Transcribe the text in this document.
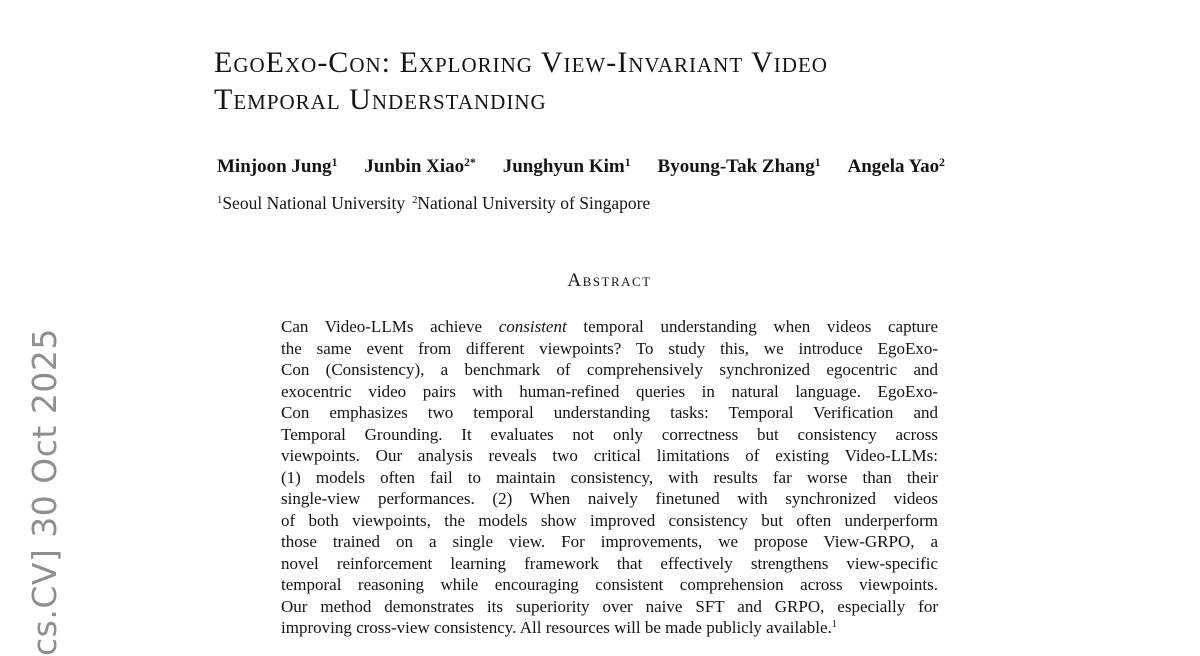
cs.CV] 30 Oct 2025
EgoExo-Con: Exploring View-Invariant Video
Temporal Understanding
Minjoon Jung$^1$ Junbin Xiao$^{2*}$ Junghyun Kim$^1$ Byoung-Tak Zhang$^1$ Angela Yao$^2$
$^1$Seoul National University $^2$National University of Singapore
Abstract
Can Video-LLMs achieve consistent temporal understanding when videos capture
the same event from different viewpoints? To study this, we introduce EgoExo-
Con (Consistency), a benchmark of comprehensively synchronized egocentric and
exocentric video pairs with human-refined queries in natural language. EgoExo-
Con emphasizes two temporal understanding tasks: Temporal Verification and
Temporal Grounding. It evaluates not only correctness but consistency across
viewpoints. Our analysis reveals two critical limitations of existing Video-LLMs:
(1) models often fail to maintain consistency, with results far worse than their
single-view performances. (2) When naively finetuned with synchronized videos
of both viewpoints, the models show improved consistency but often underperform
those trained on a single view. For improvements, we propose View-GRPO, a
novel reinforcement learning framework that effectively strengthens view-specific
temporal reasoning while encouraging consistent comprehension across viewpoints.
Our method demonstrates its superiority over naive SFT and GRPO, especially for
improving cross-view consistency. All resources will be made publicly available.$^1$
